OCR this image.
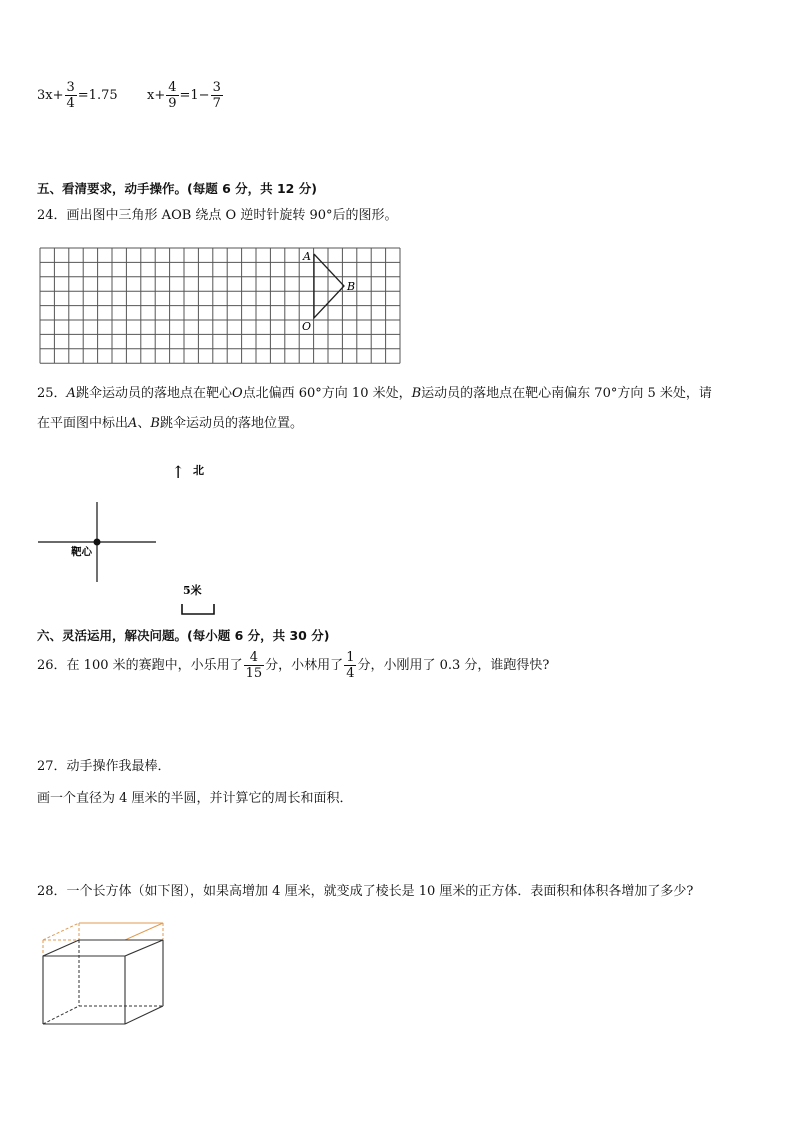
$3x+ \frac{3}{4} =1.75$ $x+ \frac{4}{9} =1- \frac{3}{7}$
五、看清要求，动手操作。(每题 6 分，共 12 分)
24．画出图中三角形 AOB 绕点 O 逆时针旋转 90°后的图形。
A
B
O
25．A跳伞运动员的落地点在靶心O点北偏西 60°方向 10 米处，B运动员的落地点在靶心南偏东 70°方向 5 米处，请
在平面图中标出A、B跳伞运动员的落地位置。
↑ 北
靶心
5米
六、灵活运用，解决问题。(每小题 6 分，共 30 分)
26．在 100 米的赛跑中，小乐用了 $\frac{4}{15}$ 分，小林用了 $\frac{1}{4}$ 分，小刚用了 0.3 分，谁跑得快?
27．动手操作我最棒．
画一个直径为 4 厘米的半圆，并计算它的周长和面积．
28．一个长方体（如下图），如果高增加 4 厘米，就变成了棱长是 10 厘米的正方体．表面积和体积各增加了多少?
